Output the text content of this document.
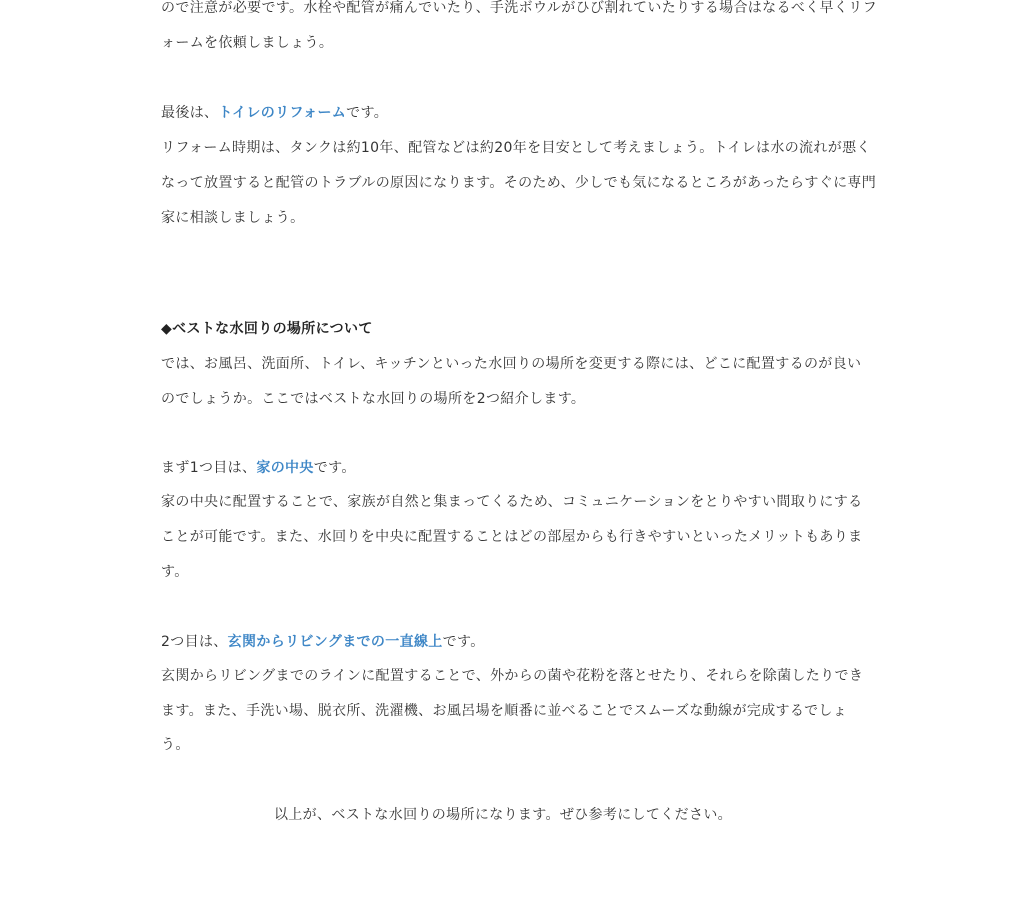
ので注意が必要です。水栓や配管が痛んでいたり、手洗ボウルがひび割れていたりする場合はなるべく早くリフ
ォームを依頼しましょう。
最後は、トイレのリフォームです。
リフォーム時期は、タンクは約10年、配管などは約20年を目安として考えましょう。トイレは水の流れが悪く
なって放置すると配管のトラブルの原因になります。そのため、少しでも気になるところがあったらすぐに専門
家に相談しましょう。
◆ベストな水回りの場所について
では、お風呂、洗面所、トイレ、キッチンといった水回りの場所を変更する際には、どこに配置するのが良い
のでしょうか。ここではベストな水回りの場所を2つ紹介します。
まず1つ目は、家の中央です。
家の中央に配置することで、家族が自然と集まってくるため、コミュニケーションをとりやすい間取りにする
ことが可能です。また、水回りを中央に配置することはどの部屋からも行きやすいといったメリットもありま
す。
2つ目は、玄関からリビングまでの一直線上です。
玄関からリビングまでのラインに配置することで、外からの菌や花粉を落とせたり、それらを除菌したりでき
ます。また、手洗い場、脱衣所、洗濯機、お風呂場を順番に並べることでスムーズな動線が完成するでしょ
う。
以上が、ベストな水回りの場所になります。ぜひ参考にしてください。
